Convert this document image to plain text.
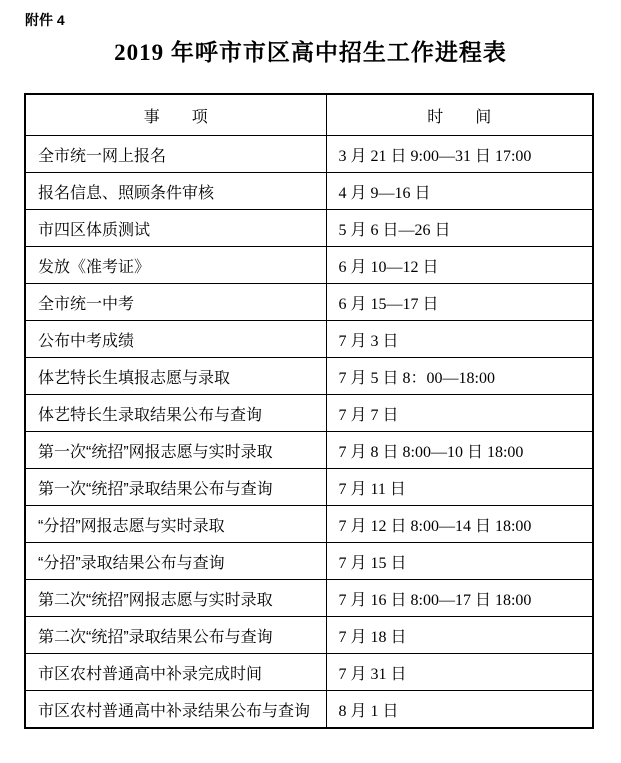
附件 4
2019 年呼市市区高中招生工作进程表
事　　项	时　　间
全市统一网上报名	3 月 21 日 9:00—31 日 17:00
报名信息、照顾条件审核	4 月 9—16 日
市四区体质测试	5 月 6 日—26 日
发放《准考证》	6 月 10—12 日
全市统一中考	6 月 15—17 日
公布中考成绩	7 月 3 日
体艺特长生填报志愿与录取	7 月 5 日 8：00—18:00
体艺特长生录取结果公布与查询	7 月 7 日
第一次“统招”网报志愿与实时录取	7 月 8 日 8:00—10 日 18:00
第一次“统招”录取结果公布与查询	7 月 11 日
“分招”网报志愿与实时录取	7 月 12 日 8:00—14 日 18:00
“分招”录取结果公布与查询	7 月 15 日
第二次“统招”网报志愿与实时录取	7 月 16 日 8:00—17 日 18:00
第二次“统招”录取结果公布与查询	7 月 18 日
市区农村普通高中补录完成时间	7 月 31 日
市区农村普通高中补录结果公布与查询	8 月 1 日
